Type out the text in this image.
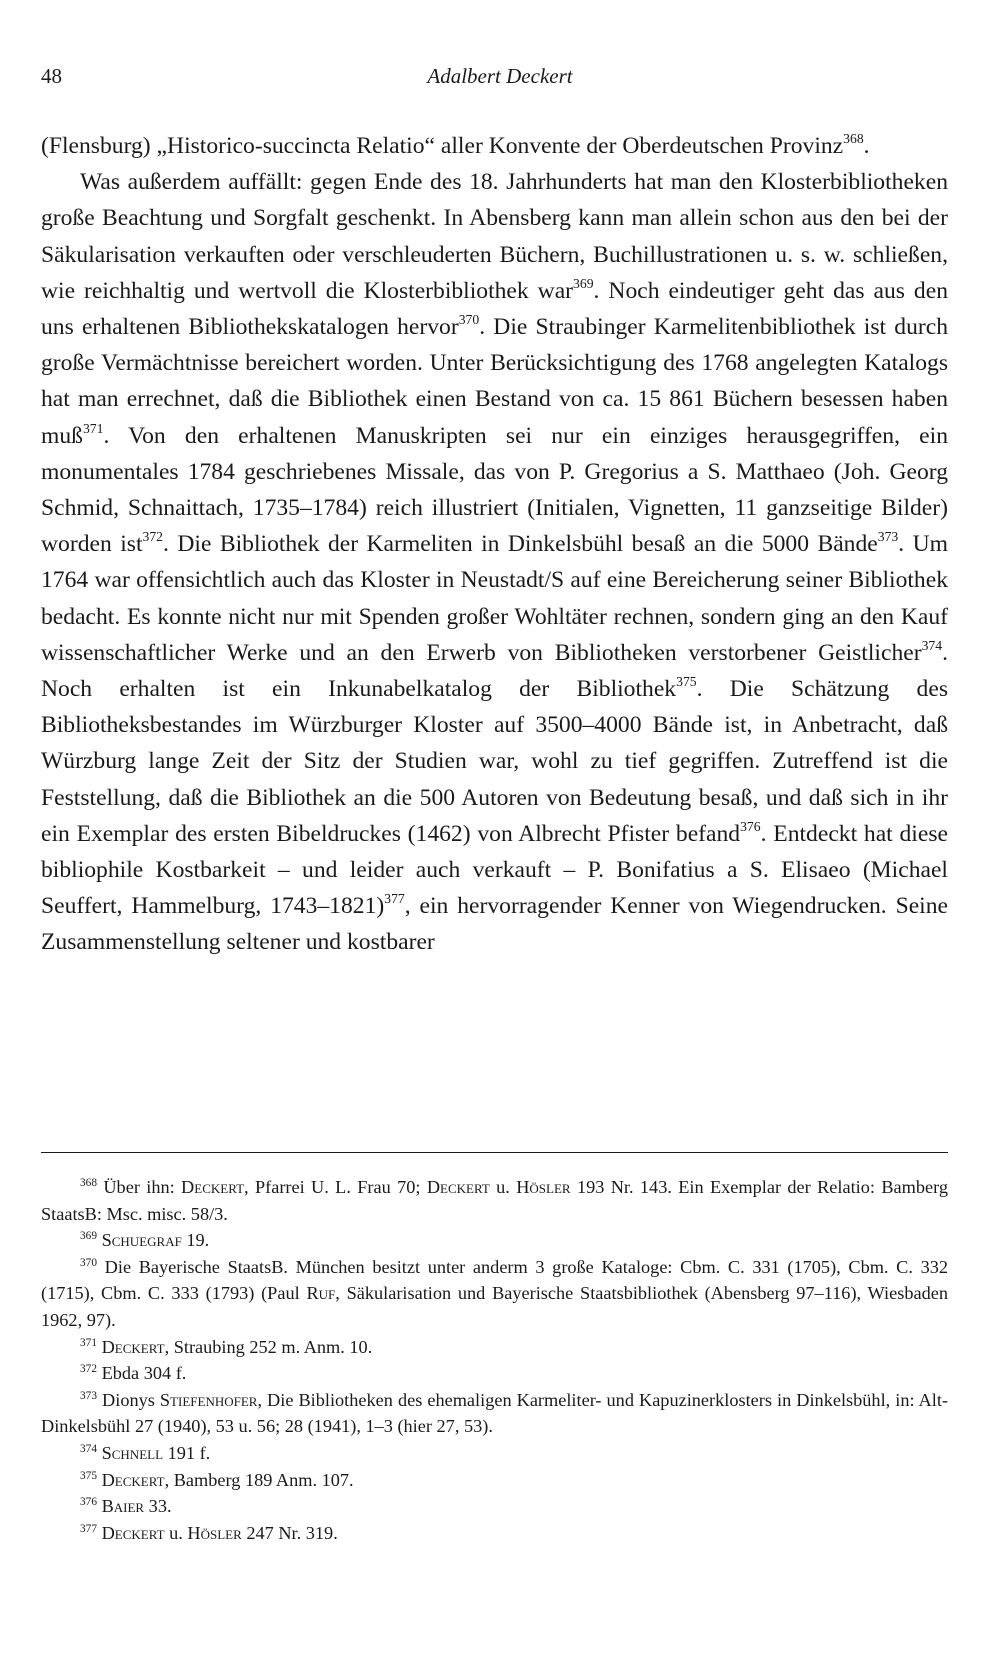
48	Adalbert Deckert

(Flensburg) „Historico-succincta Relatio“ aller Konvente der Oberdeutschen Provinz$^{368}$.

Was außerdem auffällt: gegen Ende des 18. Jahrhunderts hat man den Klosterbibliotheken große Beachtung und Sorgfalt geschenkt. In Abensberg kann man allein schon aus den bei der Säkularisation verkauften oder verschleuderten Büchern, Buchillustrationen u. s. w. schließen, wie reichhaltig und wertvoll die Klosterbibliothek war$^{369}$. Noch eindeutiger geht das aus den uns erhaltenen Bibliothekskatalogen hervor$^{370}$. Die Straubinger Karmelitenbibliothek ist durch große Vermächtnisse bereichert worden. Unter Berücksichtigung des 1768 angelegten Katalogs hat man errechnet, daß die Bibliothek einen Bestand von ca. 15 861 Büchern besessen haben muß$^{371}$. Von den erhaltenen Manuskripten sei nur ein einziges herausgegriffen, ein monumentales 1784 geschriebenes Missale, das von P. Gregorius a S. Matthaeo (Joh. Georg Schmid, Schnaittach, 1735–1784) reich illustriert (Initialen, Vignetten, 11 ganzseitige Bilder) worden ist$^{372}$. Die Bibliothek der Karmeliten in Dinkelsbühl besaß an die 5000 Bände$^{373}$. Um 1764 war offensichtlich auch das Kloster in Neustadt/S auf eine Bereicherung seiner Bibliothek bedacht. Es konnte nicht nur mit Spenden großer Wohltäter rechnen, sondern ging an den Kauf wissenschaftlicher Werke und an den Erwerb von Bibliotheken verstorbener Geistlicher$^{374}$. Noch erhalten ist ein Inkunabelkatalog der Bibliothek$^{375}$. Die Schätzung des Bibliotheksbestandes im Würzburger Kloster auf 3500–4000 Bände ist, in Anbetracht, daß Würzburg lange Zeit der Sitz der Studien war, wohl zu tief gegriffen. Zutreffend ist die Feststellung, daß die Bibliothek an die 500 Autoren von Bedeutung besaß, und daß sich in ihr ein Exemplar des ersten Bibeldruckes (1462) von Albrecht Pfister befand$^{376}$. Entdeckt hat diese bibliophile Kostbarkeit – und leider auch verkauft – P. Bonifatius a S. Elisaeo (Michael Seuffert, Hammelburg, 1743–1821)$^{377}$, ein hervorragender Kenner von Wiegendrucken. Seine Zusammenstellung seltener und kostbarer

$^{368}$ Über ihn: Deckert, Pfarrei U. L. Frau 70; Deckert u. Hösler 193 Nr. 143. Ein Exemplar der Relatio: Bamberg StaatsB: Msc. misc. 58/3.

$^{369}$ Schuegraf 19.

$^{370}$ Die Bayerische StaatsB. München besitzt unter anderm 3 große Kataloge: Cbm. C. 331 (1705), Cbm. C. 332 (1715), Cbm. C. 333 (1793) (Paul Ruf, Säkularisation und Bayerische Staatsbibliothek (Abensberg 97–116), Wiesbaden 1962, 97).

$^{371}$ Deckert, Straubing 252 m. Anm. 10.

$^{372}$ Ebda 304 f.

$^{373}$ Dionys Stiefenhofer, Die Bibliotheken des ehemaligen Karmeliter- und Kapuzinerklosters in Dinkelsbühl, in: Alt-Dinkelsbühl 27 (1940), 53 u. 56; 28 (1941), 1–3 (hier 27, 53).

$^{374}$ Schnell 191 f.

$^{375}$ Deckert, Bamberg 189 Anm. 107.

$^{376}$ Baier 33.

$^{377}$ Deckert u. Hösler 247 Nr. 319.
